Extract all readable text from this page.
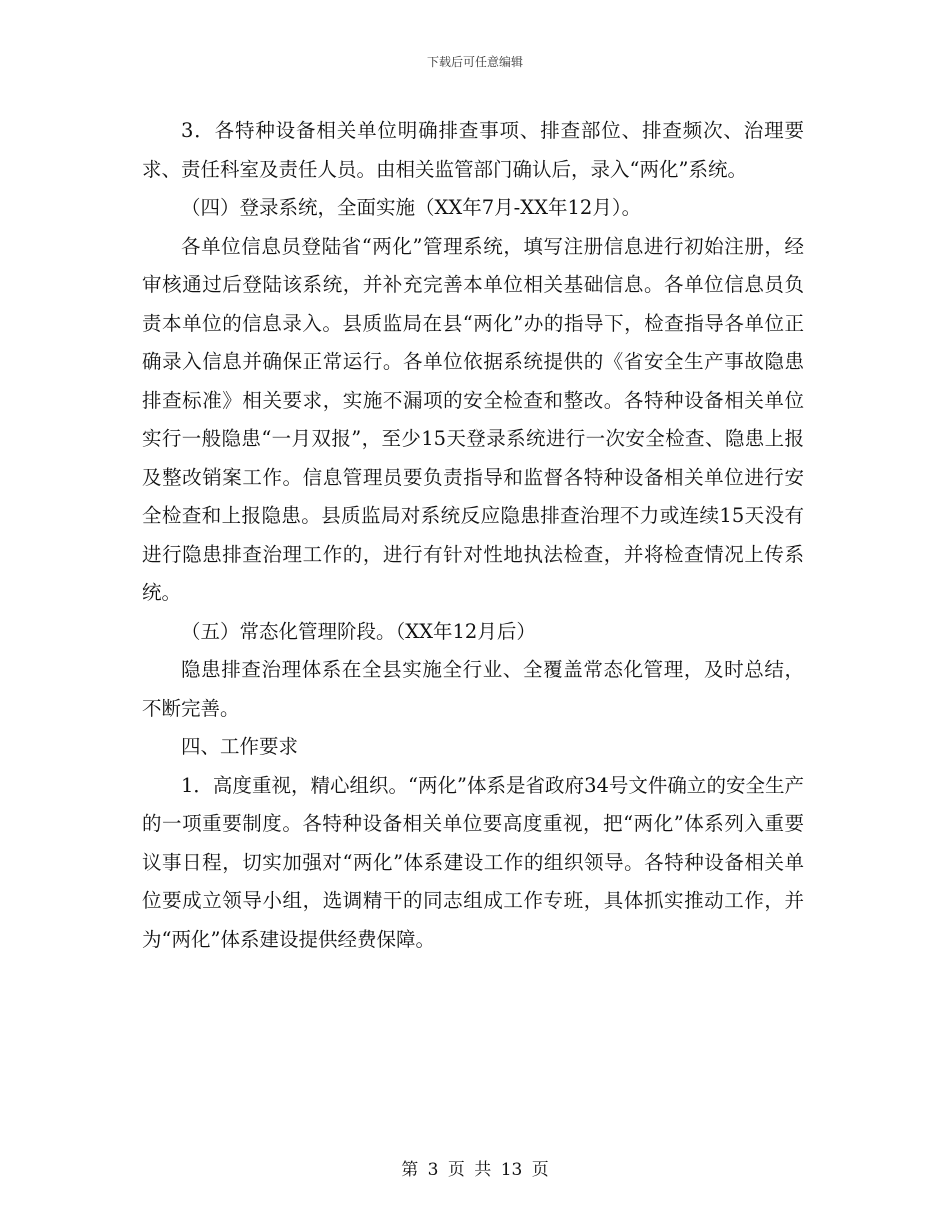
下载后可任意编辑

3．各特种设备相关单位明确排查事项、排查部位、排查频次、治理要求、责任科室及责任人员。由相关监管部门确认后，录入“两化”系统。

（四）登录系统，全面实施（XX年7月-XX年12月）。

各单位信息员登陆省“两化”管理系统，填写注册信息进行初始注册，经审核通过后登陆该系统，并补充完善本单位相关基础信息。各单位信息员负责本单位的信息录入。县质监局在县“两化”办的指导下，检查指导各单位正确录入信息并确保正常运行。各单位依据系统提供的《省安全生产事故隐患排查标准》相关要求，实施不漏项的安全检查和整改。各特种设备相关单位实行一般隐患“一月双报”，至少15天登录系统进行一次安全检查、隐患上报及整改销案工作。信息管理员要负责指导和监督各特种设备相关单位进行安全检查和上报隐患。县质监局对系统反应隐患排查治理不力或连续15天没有进行隐患排查治理工作的，进行有针对性地执法检查，并将检查情况上传系统。

（五）常态化管理阶段。（XX年12月后）

隐患排查治理体系在全县实施全行业、全覆盖常态化管理，及时总结，不断完善。

四、工作要求

1．高度重视，精心组织。“两化”体系是省政府34号文件确立的安全生产的一项重要制度。各特种设备相关单位要高度重视，把“两化”体系列入重要议事日程，切实加强对“两化”体系建设工作的组织领导。各特种设备相关单位要成立领导小组，选调精干的同志组成工作专班，具体抓实推动工作，并为“两化”体系建设提供经费保障。

第 3 页 共 13 页
